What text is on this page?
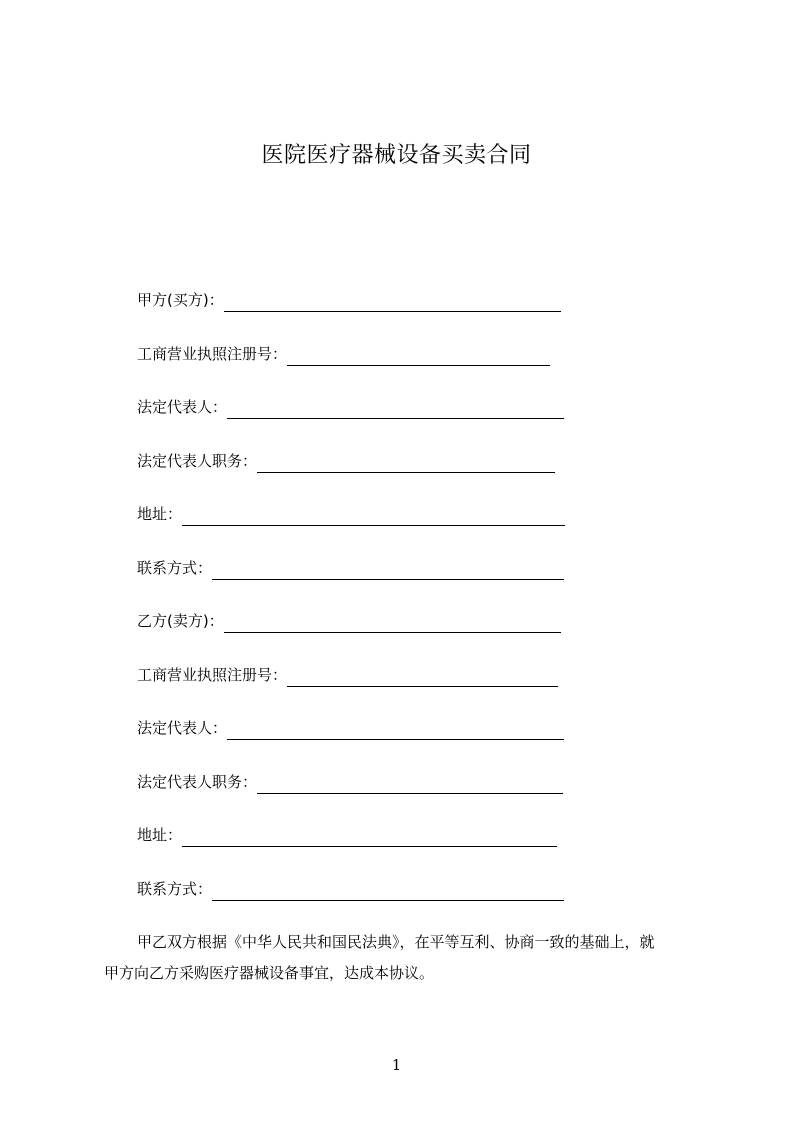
医院医疗器械设备买卖合同
甲方(买方)：
工商营业执照注册号：
法定代表人：
法定代表人职务：
地址：
联系方式：
乙方(卖方)：
工商营业执照注册号：
法定代表人：
法定代表人职务：
地址：
联系方式：

甲乙双方根据《中华人民共和国民法典》，在平等互利、协商一致的基础上，就
甲方向乙方采购医疗器械设备事宜，达成本协议。

1
